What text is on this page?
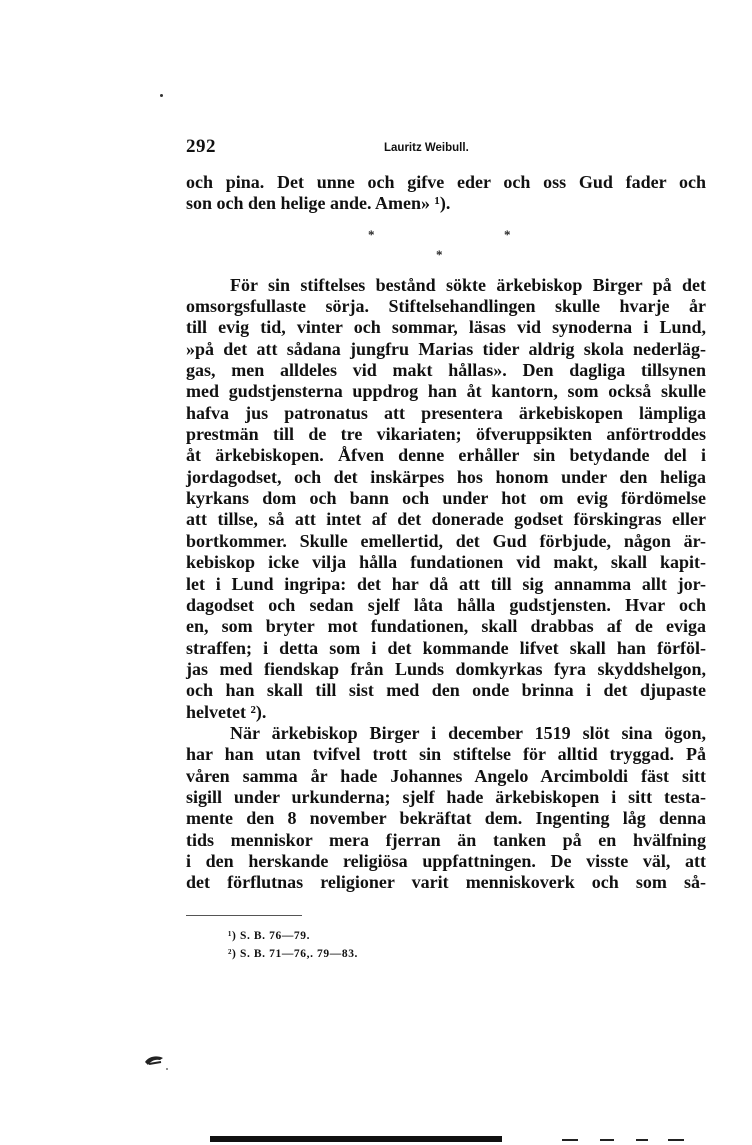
292	Lauritz Weibull.
och pina. Det unne och gifve eder och oss Gud fader och
son och den helige ande. Amen» ¹).
*	*
*
För sin stiftelses bestånd sökte ärkebiskop Birger på det
omsorgsfullaste sörja. Stiftelsehandlingen skulle hvarje år
till evig tid, vinter och sommar, läsas vid synoderna i Lund,
»på det att sådana jungfru Marias tider aldrig skola nederläg-
gas, men alldeles vid makt hållas». Den dagliga tillsynen
med gudstjensterna uppdrog han åt kantorn, som också skulle
hafva jus patronatus att presentera ärkebiskopen lämpliga
prestmän till de tre vikariaten; öfveruppsikten anförtroddes
åt ärkebiskopen. Åfven denne erhåller sin betydande del i
jordagodset, och det inskärpes hos honom under den heliga
kyrkans dom och bann och under hot om evig fördömelse
att tillse, så att intet af det donerade godset förskingras eller
bortkommer. Skulle emellertid, det Gud förbjude, någon är-
kebiskop icke vilja hålla fundationen vid makt, skall kapit-
let i Lund ingripa: det har då att till sig annamma allt jor-
dagodset och sedan sjelf låta hålla gudstjensten. Hvar och
en, som bryter mot fundationen, skall drabbas af de eviga
straffen; i detta som i det kommande lifvet skall han förföl-
jas med fiendskap från Lunds domkyrkas fyra skyddshelgon,
och han skall till sist med den onde brinna i det djupaste
helvetet ²).
När ärkebiskop Birger i december 1519 slöt sina ögon,
har han utan tvifvel trott sin stiftelse för alltid tryggad. På
våren samma år hade Johannes Angelo Arcimboldi fäst sitt
sigill under urkunderna; sjelf hade ärkebiskopen i sitt testa-
mente den 8 november bekräftat dem. Ingenting låg denna
tids menniskor mera fjerran än tanken på en hvälfning
i den herskande religiösa uppfattningen. De visste väl, att
det förflutnas religioner varit menniskoverk och som så-
¹) S. B. 76—79.
²) S. B. 71—76,. 79—83.
